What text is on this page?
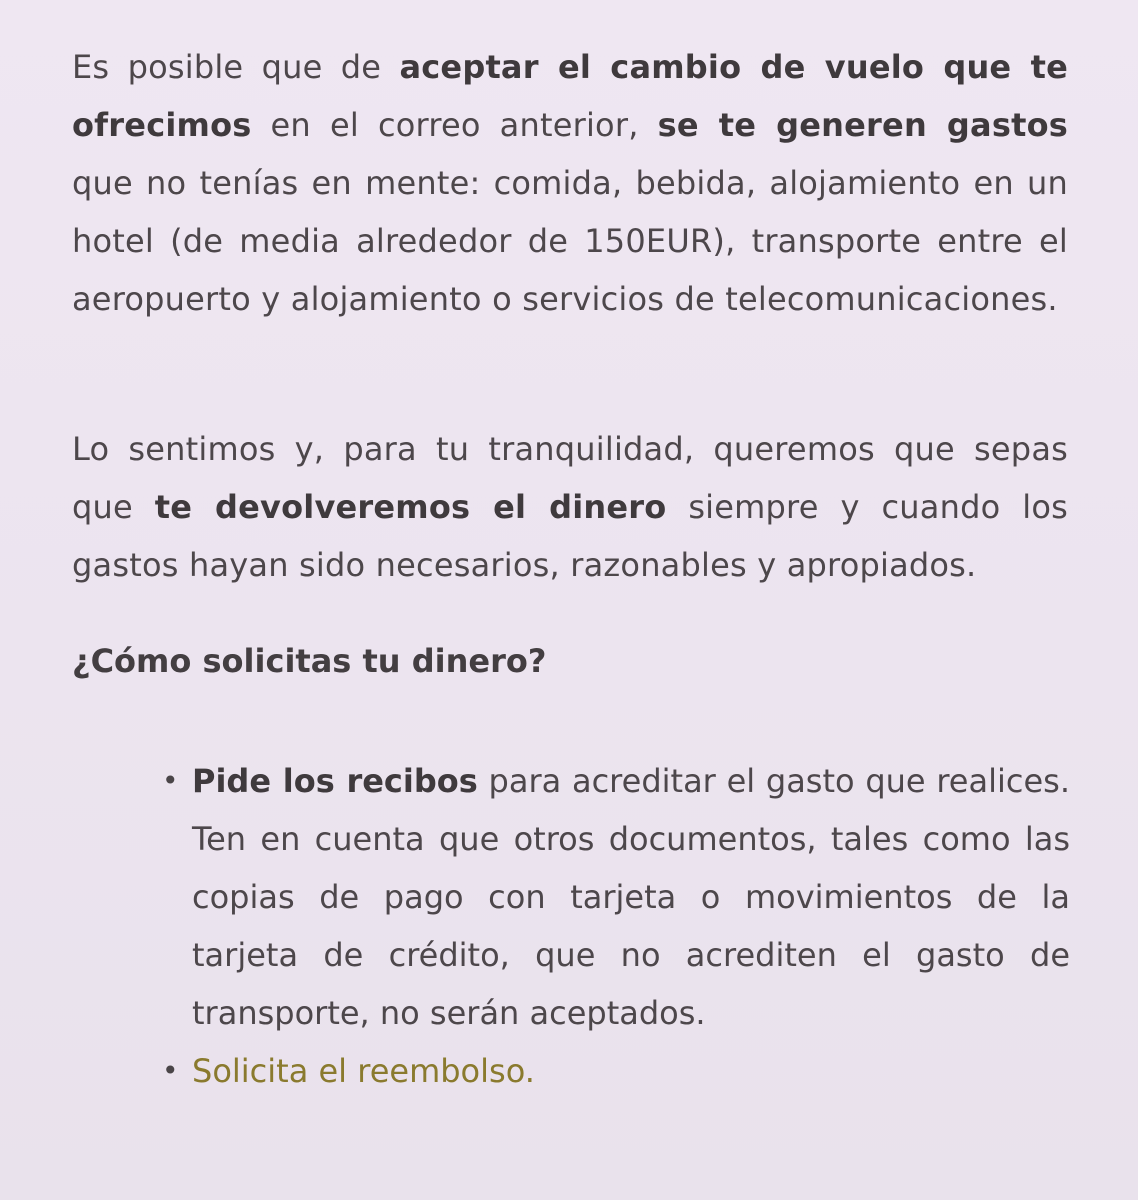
Es posible que de aceptar el cambio de vuelo que te ofrecimos en el correo anterior, se te generen gastos que no tenías en mente: comida, bebida, alojamiento en un hotel (de media alrededor de 150EUR), transporte entre el aeropuerto y alojamiento o servicios de telecomunicaciones.

Lo sentimos y, para tu tranquilidad, queremos que sepas que te devolveremos el dinero siempre y cuando los gastos hayan sido necesarios, razonables y apropiados.

¿Cómo solicitas tu dinero?
• Pide los recibos para acreditar el gasto que realices. Ten en cuenta que otros documentos, tales como las copias de pago con tarjeta o movimientos de la tarjeta de crédito, que no acrediten el gasto de transporte, no serán aceptados.
• Solicita el reembolso.
